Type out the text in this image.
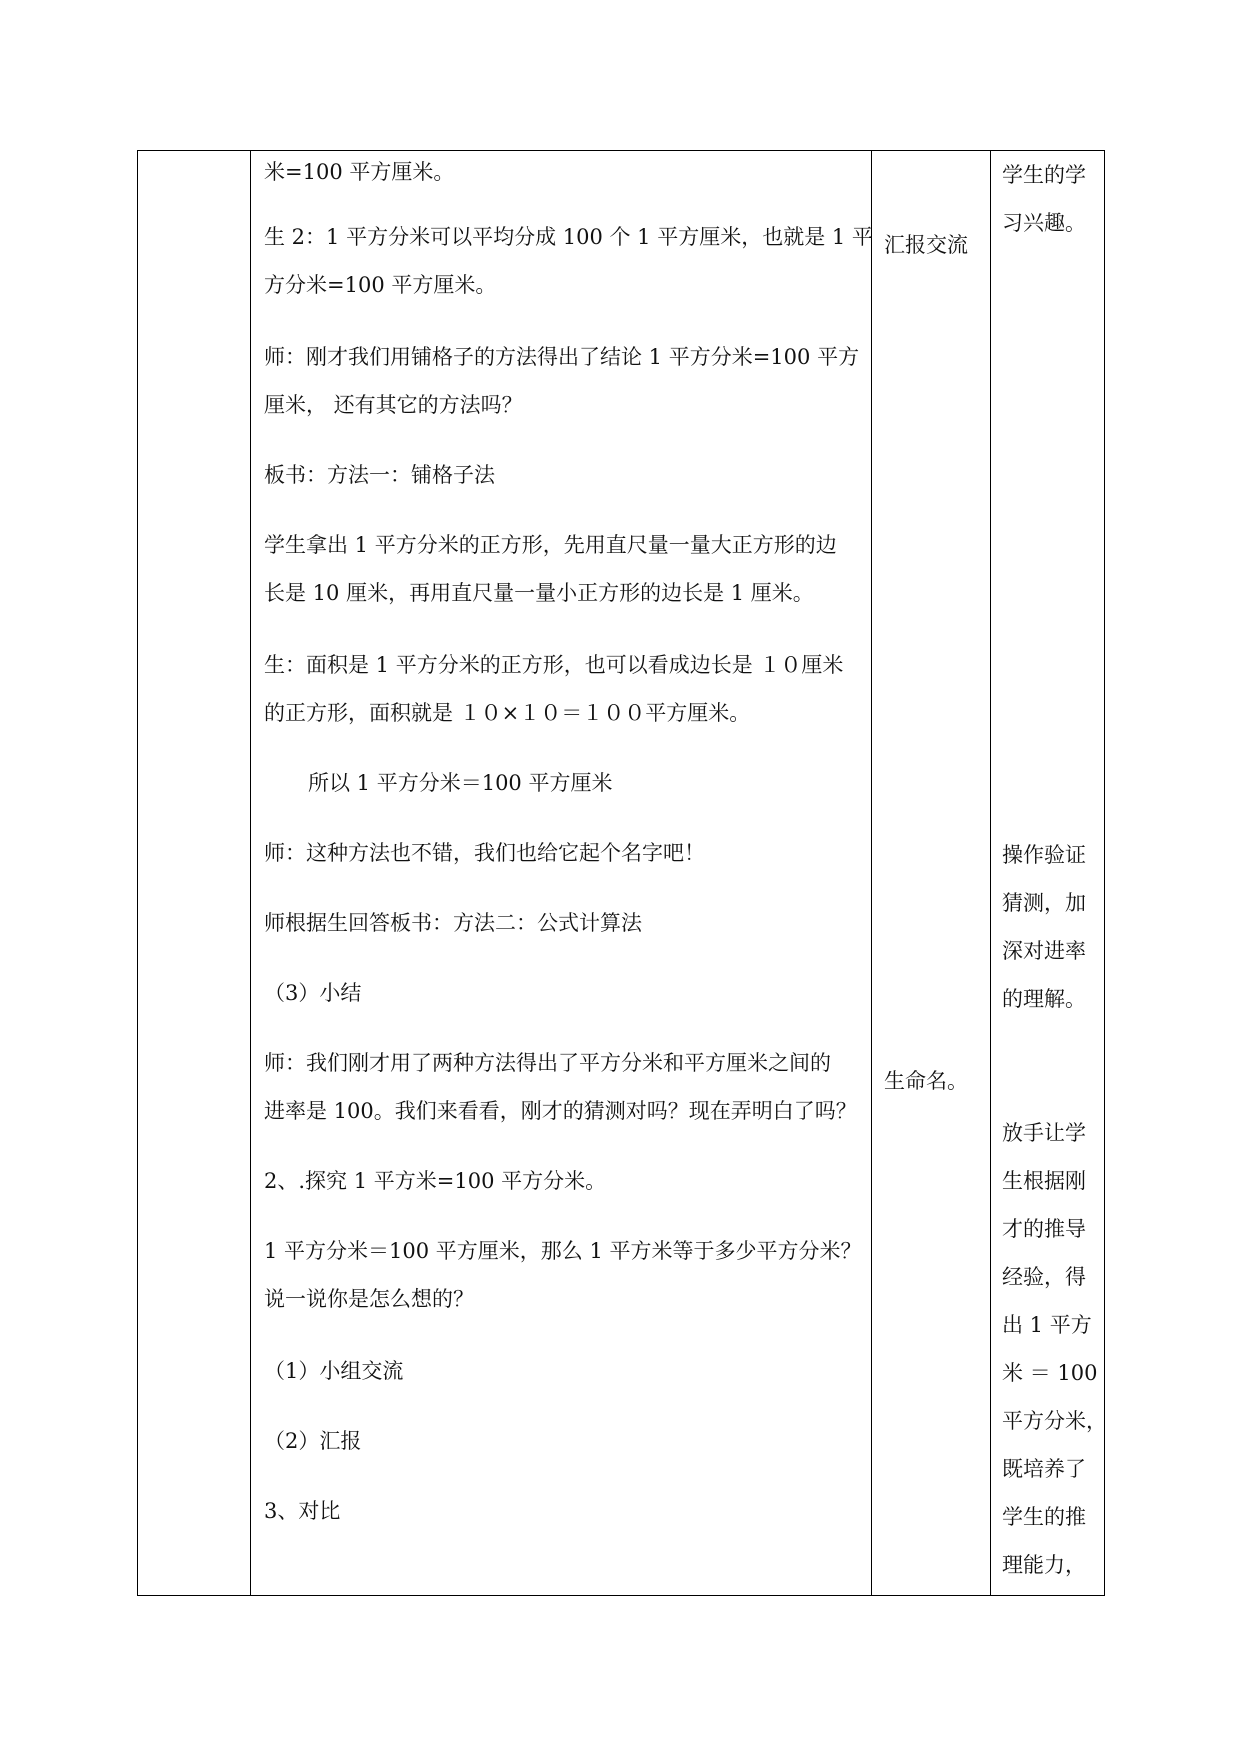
米=100 平方厘米。

生 2：1 平方分米可以平均分成 100 个 1 平方厘米，也就是 1 平

方分米=100 平方厘米。

师：刚才我们用铺格子的方法得出了结论 1 平方分米=100 平方

厘米， 还有其它的方法吗？

板书：方法一：铺格子法

学生拿出 1 平方分米的正方形，先用直尺量一量大正方形的边

长是 10 厘米，再用直尺量一量小正方形的边长是 1 厘米。

生：面积是 1 平方分米的正方形，也可以看成边长是 １０厘米

的正方形，面积就是 １０×１０＝１００平方厘米。

所以 1 平方分米＝100 平方厘米

师：这种方法也不错，我们也给它起个名字吧！

师根据生回答板书：方法二：公式计算法

（3）小结

师：我们刚才用了两种方法得出了平方分米和平方厘米之间的

进率是 100。我们来看看，刚才的猜测对吗？现在弄明白了吗？

2、.探究 1 平方米=100 平方分米。

1 平方分米＝100 平方厘米，那么 1 平方米等于多少平方分米？

说一说你是怎么想的？

（1）小组交流

（2）汇报

3、对比

汇报交流

生命名。

学生的学

习兴趣。

操作验证

猜测，加

深对进率

的理解。

放手让学

生根据刚

才的推导

经验，得

出 1 平方

米 ＝ 100

平方分米，

既培养了

学生的推

理能力，
